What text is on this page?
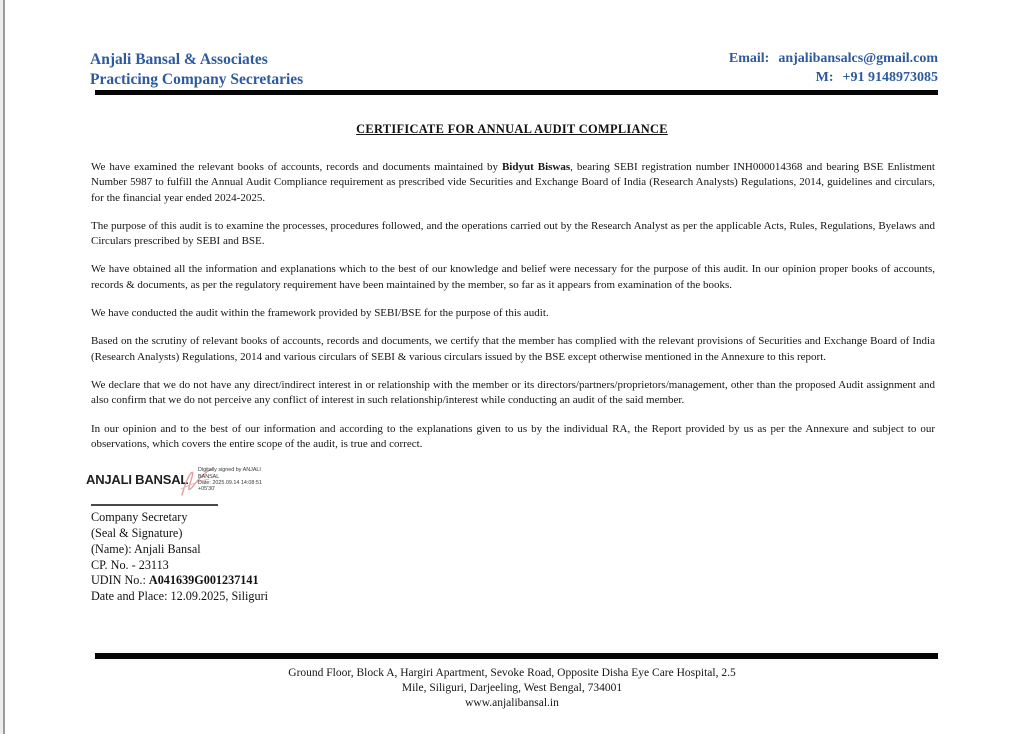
Anjali Bansal & Associates
Practicing Company Secretaries
Email: anjalibansalcs@gmail.com
M: +91 9148973085
CERTIFICATE FOR ANNUAL AUDIT COMPLIANCE

We have examined the relevant books of accounts, records and documents maintained by Bidyut Biswas, bearing SEBI registration number INH000014368 and bearing BSE Enlistment Number 5987 to fulfill the Annual Audit Compliance requirement as prescribed vide Securities and Exchange Board of India (Research Analysts) Regulations, 2014, guidelines and circulars, for the financial year ended 2024-2025.

The purpose of this audit is to examine the processes, procedures followed, and the operations carried out by the Research Analyst as per the applicable Acts, Rules, Regulations, Byelaws and Circulars prescribed by SEBI and BSE.

We have obtained all the information and explanations which to the best of our knowledge and belief were necessary for the purpose of this audit. In our opinion proper books of accounts, records & documents, as per the regulatory requirement have been maintained by the member, so far as it appears from examination of the books.

We have conducted the audit within the framework provided by SEBI/BSE for the purpose of this audit.

Based on the scrutiny of relevant books of accounts, records and documents, we certify that the member has complied with the relevant provisions of Securities and Exchange Board of India (Research Analysts) Regulations, 2014 and various circulars of SEBI & various circulars issued by the BSE except otherwise mentioned in the Annexure to this report.

We declare that we do not have any direct/indirect interest in or relationship with the member or its directors/partners/proprietors/management, other than the proposed Audit assignment and also confirm that we do not perceive any conflict of interest in such relationship/interest while conducting an audit of the said member.

In our opinion and to the best of our information and according to the explanations given to us by the individual RA, the Report provided by us as per the Annexure and subject to our observations, which covers the entire scope of the audit, is true and correct.

ANJALI BANSAL
Digitally signed by ANJALI
BANSAL
Date: 2025.09.14 14:08:51
+05'30'
Company Secretary
(Seal & Signature)
(Name): Anjali Bansal
CP. No. - 23113
UDIN No.: A041639G001237141
Date and Place: 12.09.2025, Siliguri
Ground Floor, Block A, Hargiri Apartment, Sevoke Road, Opposite Disha Eye Care Hospital, 2.5
Mile, Siliguri, Darjeeling, West Bengal, 734001
www.anjalibansal.in
